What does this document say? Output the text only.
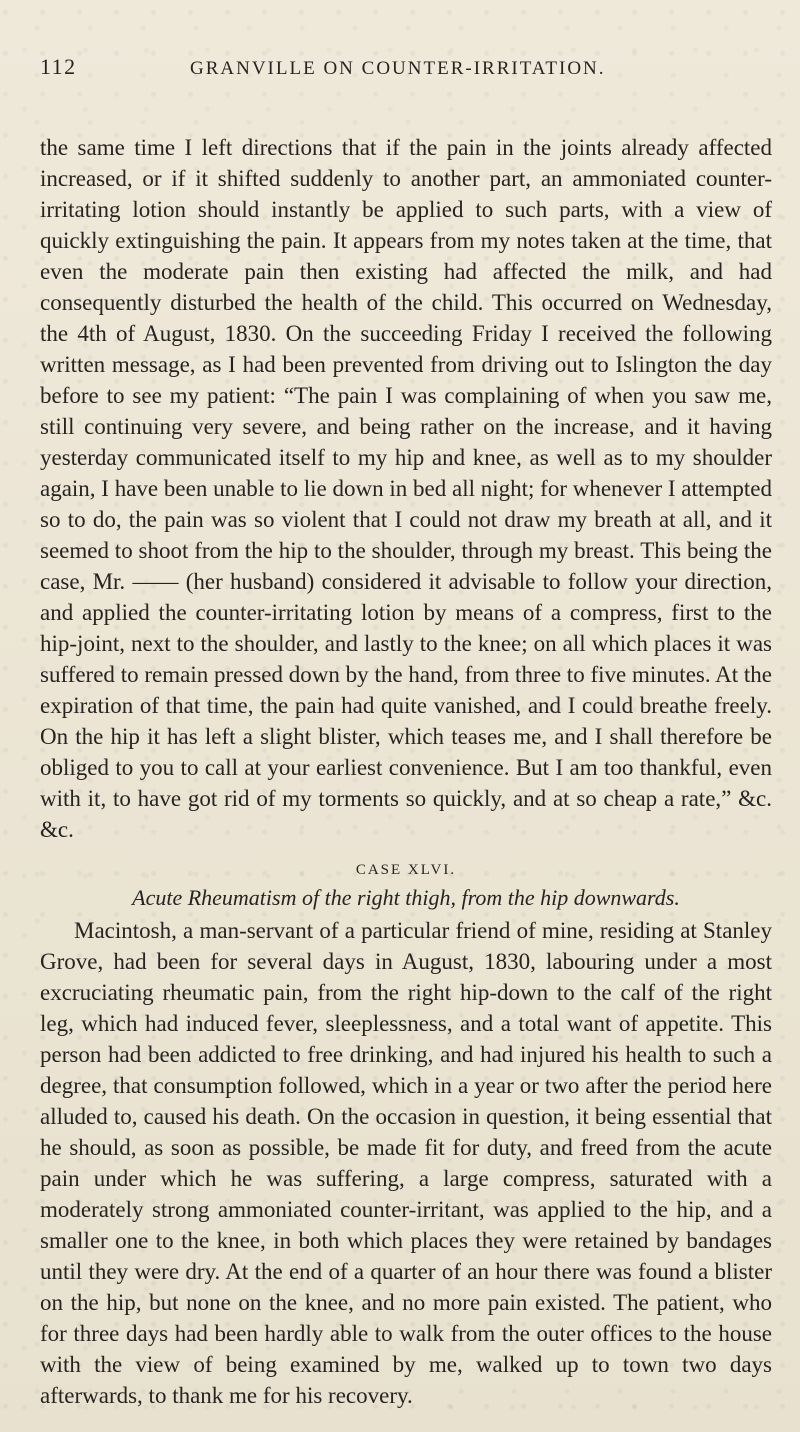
112	GRANVILLE ON COUNTER-IRRITATION.

the same time I left directions that if the pain in the joints already affected increased, or if it shifted suddenly to another part, an ammoniated counter-irritating lotion should instantly be applied to such parts, with a view of quickly extinguishing the pain. It appears from my notes taken at the time, that even the moderate pain then existing had affected the milk, and had consequently disturbed the health of the child. This occurred on Wednesday, the 4th of August, 1830. On the succeeding Friday I received the following written message, as I had been prevented from driving out to Islington the day before to see my patient: “The pain I was complaining of when you saw me, still continuing very severe, and being rather on the increase, and it having yesterday communicated itself to my hip and knee, as well as to my shoulder again, I have been unable to lie down in bed all night; for whenever I attempted so to do, the pain was so violent that I could not draw my breath at all, and it seemed to shoot from the hip to the shoulder, through my breast. This being the case, Mr. —— (her husband) considered it advisable to follow your direction, and applied the counter-irritating lotion by means of a compress, first to the hip-joint, next to the shoulder, and lastly to the knee; on all which places it was suffered to remain pressed down by the hand, from three to five minutes. At the expiration of that time, the pain had quite vanished, and I could breathe freely. On the hip it has left a slight blister, which teases me, and I shall therefore be obliged to you to call at your earliest convenience. But I am too thankful, even with it, to have got rid of my torments so quickly, and at so cheap a rate,” &c. &c.

CASE XLVI.
Acute Rheumatism of the right thigh, from the hip downwards.

Macintosh, a man-servant of a particular friend of mine, residing at Stanley Grove, had been for several days in August, 1830, labouring under a most excruciating rheumatic pain, from the right hip-down to the calf of the right leg, which had induced fever, sleeplessness, and a total want of appetite. This person had been addicted to free drinking, and had injured his health to such a degree, that consumption followed, which in a year or two after the period here alluded to, caused his death. On the occasion in question, it being essential that he should, as soon as possible, be made fit for duty, and freed from the acute pain under which he was suffering, a large compress, saturated with a moderately strong ammoniated counter-irritant, was applied to the hip, and a smaller one to the knee, in both which places they were retained by bandages until they were dry. At the end of a quarter of an hour there was found a blister on the hip, but none on the knee, and no more pain existed. The patient, who for three days had been hardly able to walk from the outer offices to the house with the view of being examined by me, walked up to town two days afterwards, to thank me for his recovery.
